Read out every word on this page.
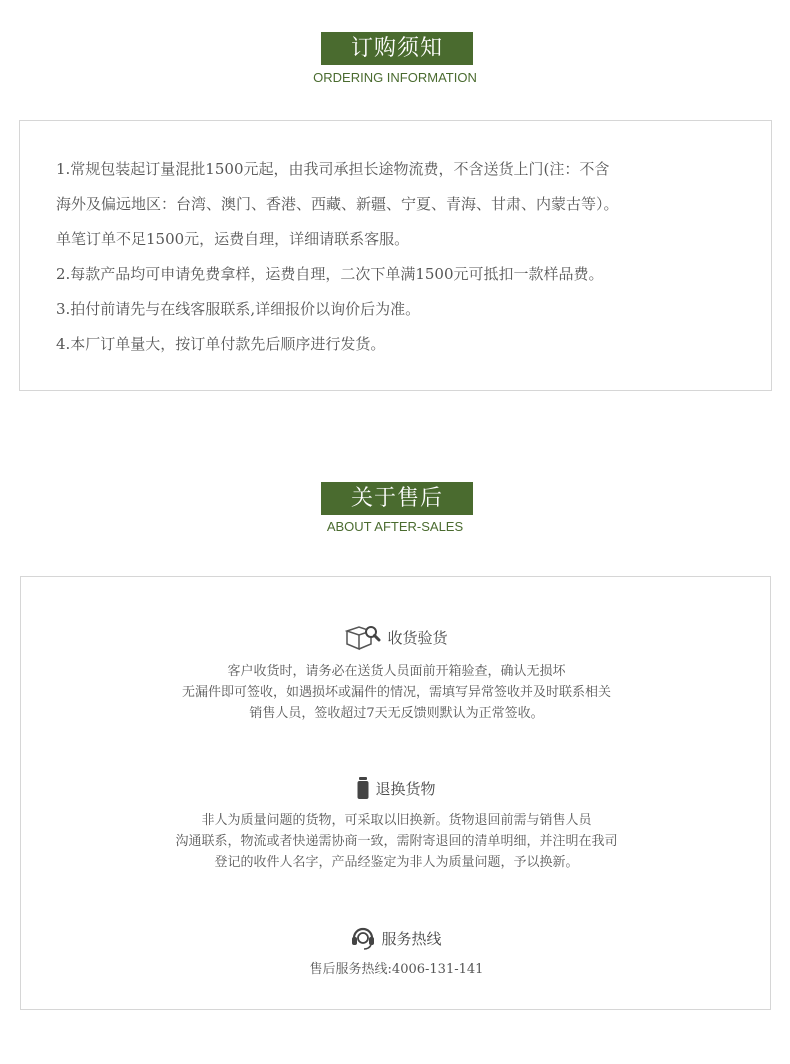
订购须知
ORDERING INFORMATION
1.常规包装起订量混批1500元起，由我司承担长途物流费，不含送货上门(注：不含
海外及偏远地区：台湾、澳门、香港、西藏、新疆、宁夏、青海、甘肃、内蒙古等）。
单笔订单不足1500元，运费自理，详细请联系客服。
2.每款产品均可申请免费拿样，运费自理，二次下单满1500元可抵扣一款样品费。
3.拍付前请先与在线客服联系,详细报价以询价后为准。
4.本厂订单量大，按订单付款先后顺序进行发货。
关于售后
ABOUT AFTER-SALES
收货验货
客户收货时，请务必在送货人员面前开箱验查，确认无损坏
无漏件即可签收，如遇损坏或漏件的情况，需填写异常签收并及时联系相关
销售人员，签收超过7天无反馈则默认为正常签收。
退换货物
非人为质量问题的货物，可采取以旧换新。货物退回前需与销售人员
沟通联系，物流或者快递需协商一致，需附寄退回的清单明细，并注明在我司
登记的收件人名字，产品经鉴定为非人为质量问题，予以换新。
服务热线
售后服务热线:4006-131-141
